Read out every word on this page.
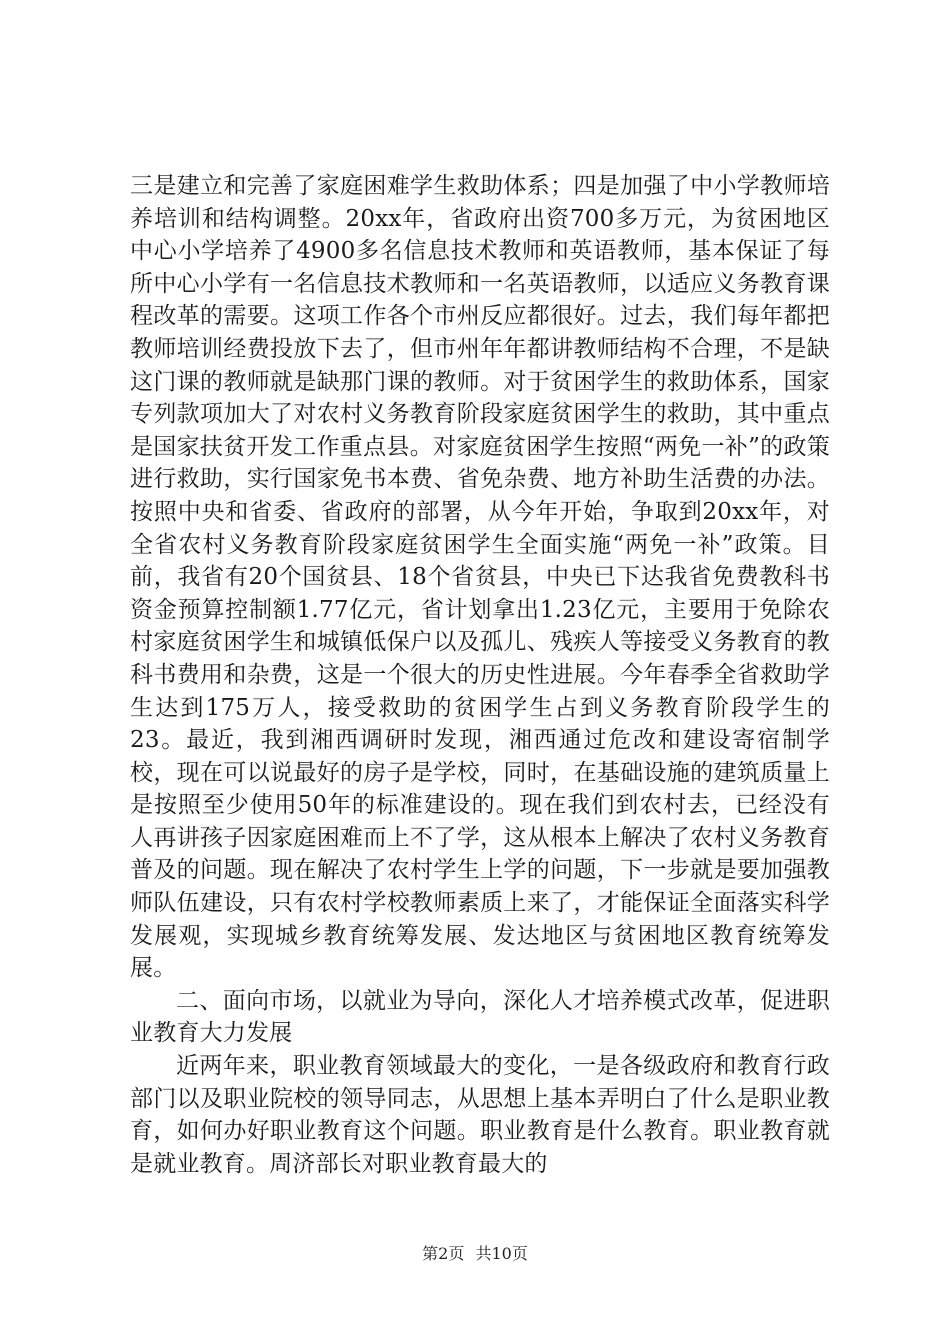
三是建立和完善了家庭困难学生救助体系；四是加强了中小学教师培养培训和结构调整。20xx年，省政府出资700多万元，为贫困地区中心小学培养了4900多名信息技术教师和英语教师，基本保证了每所中心小学有一名信息技术教师和一名英语教师，以适应义务教育课程改革的需要。这项工作各个市州反应都很好。过去，我们每年都把教师培训经费投放下去了，但市州年年都讲教师结构不合理，不是缺这门课的教师就是缺那门课的教师。对于贫困学生的救助体系，国家专列款项加大了对农村义务教育阶段家庭贫困学生的救助，其中重点是国家扶贫开发工作重点县。对家庭贫困学生按照“两免一补”的政策进行救助，实行国家免书本费、省免杂费、地方补助生活费的办法。按照中央和省委、省政府的部署，从今年开始，争取到20xx年，对全省农村义务教育阶段家庭贫困学生全面实施“两免一补”政策。目前，我省有20个国贫县、18个省贫县，中央已下达我省免费教科书资金预算控制额1.77亿元，省计划拿出1.23亿元，主要用于免除农村家庭贫困学生和城镇低保户以及孤儿、残疾人等接受义务教育的教科书费用和杂费，这是一个很大的历史性进展。今年春季全省救助学生达到175万人，接受救助的贫困学生占到义务教育阶段学生的23。最近，我到湘西调研时发现，湘西通过危改和建设寄宿制学校，现在可以说最好的房子是学校，同时，在基础设施的建筑质量上是按照至少使用50年的标准建设的。现在我们到农村去，已经没有人再讲孩子因家庭困难而上不了学，这从根本上解决了农村义务教育普及的问题。现在解决了农村学生上学的问题，下一步就是要加强教师队伍建设，只有农村学校教师素质上来了，才能保证全面落实科学发展观，实现城乡教育统筹发展、发达地区与贫困地区教育统筹发展。

二、面向市场，以就业为导向，深化人才培养模式改革，促进职业教育大力发展

近两年来，职业教育领域最大的变化，一是各级政府和教育行政部门以及职业院校的领导同志，从思想上基本弄明白了什么是职业教育，如何办好职业教育这个问题。职业教育是什么教育。职业教育就是就业教育。周济部长对职业教育最大的

第2页 共10页
